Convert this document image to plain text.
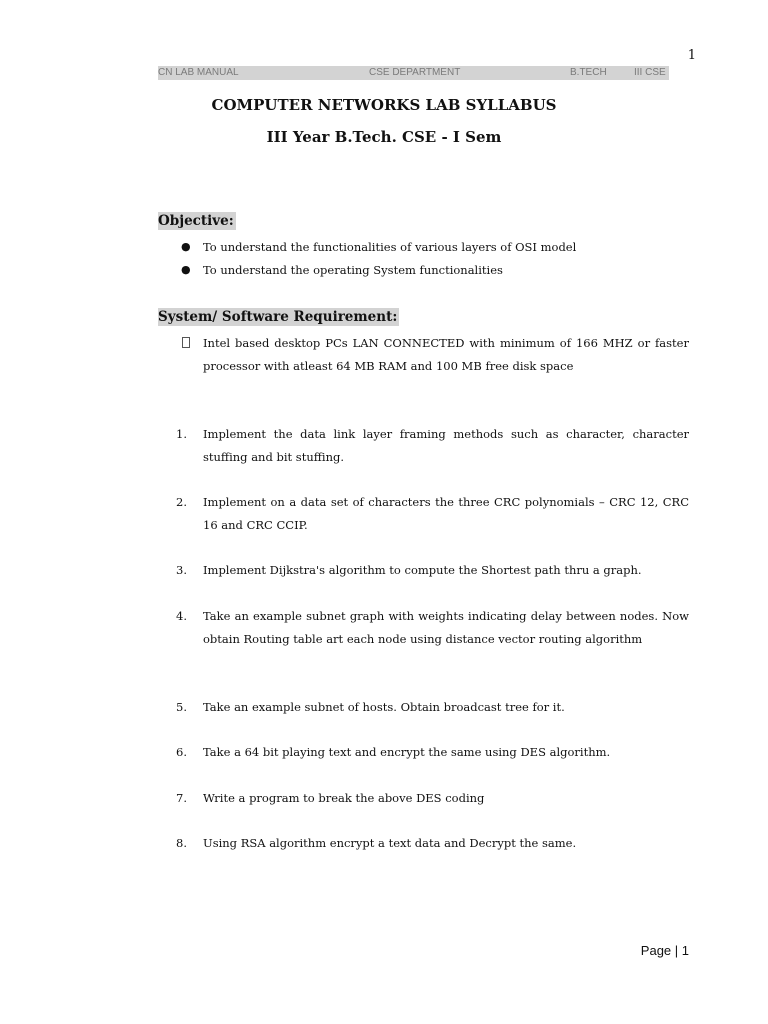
1
CN LAB MANUAL	CSE DEPARTMENT	B.TECH	III CSE
COMPUTER NETWORKS LAB SYLLABUS
III Year B.Tech. CSE - I Sem
Objective:
● To understand the functionalities of various layers of OSI model
● To understand the operating System functionalities
System/ Software Requirement:
Intel based desktop PCs LAN CONNECTED with minimum of 166 MHZ or faster processor with atleast 64 MB RAM and 100 MB free disk space
1.	Implement the data link layer framing methods such as character, character stuffing and bit stuffing.
2.	Implement on a data set of characters the three CRC polynomials – CRC 12, CRC 16 and CRC CCIP.
3.	Implement Dijkstra's algorithm to compute the Shortest path thru a graph.
4.	Take an example subnet graph with weights indicating delay between nodes. Now obtain Routing table art each node using distance vector routing algorithm
5.	Take an example subnet of hosts. Obtain broadcast tree for it.
6.	Take a 64 bit playing text and encrypt the same using DES algorithm.
7.	Write a program to break the above DES coding
8.	Using RSA algorithm encrypt a text data and Decrypt the same.
Page | 1
